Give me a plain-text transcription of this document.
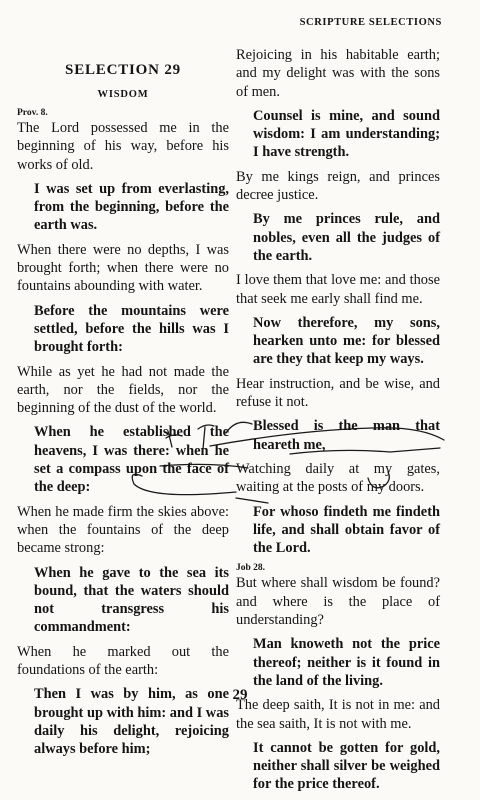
SCRIPTURE SELECTIONS
SELECTION 29
WISDOM
Prov. 8.
The Lord possessed me in the beginning of his way, before his works of old.
I was set up from everlasting, from the beginning, before the earth was.
When there were no depths, I was brought forth; when there were no fountains abounding with water.
Before the mountains were settled, before the hills was I brought forth:
While as yet he had not made the earth, nor the fields, nor the beginning of the dust of the world.
When he established the heavens, I was there: when he set a compass upon the face of the deep:
When he made firm the skies above: when the fountains of the deep became strong:
When he gave to the sea its bound, that the waters should not transgress his commandment:
When he marked out the foundations of the earth:
Then I was by him, as one brought up with him: and I was daily his delight, rejoicing always before him;
Rejoicing in his habitable earth; and my delight was with the sons of men.
Counsel is mine, and sound wisdom: I am understanding; I have strength.
By me kings reign, and princes decree justice.
By me princes rule, and nobles, even all the judges of the earth.
I love them that love me: and those that seek me early shall find me.
Now therefore, my sons, hearken unto me: for blessed are they that keep my ways.
Hear instruction, and be wise, and refuse it not.
Blessed is the man that heareth me,
Watching daily at my gates, waiting at the posts of my doors.
For whoso findeth me findeth life, and shall obtain favor of the Lord.
Job 28.
But where shall wisdom be found? and where is the place of understanding?
Man knoweth not the price thereof; neither is it found in the land of the living.
The deep saith, It is not in me: and the sea saith, It is not with me.
It cannot be gotten for gold, neither shall silver be weighed for the price thereof.
29
